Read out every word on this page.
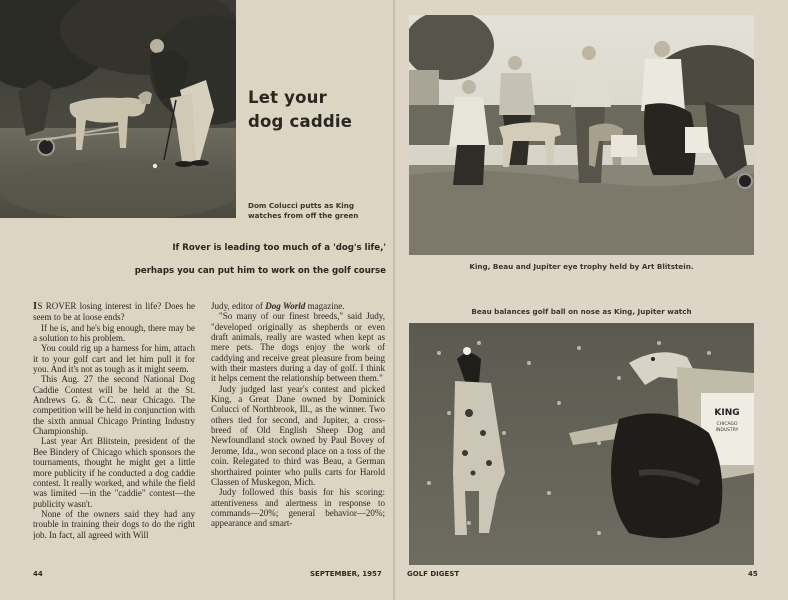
Let your
dog caddie
Dom Colucci putts as King watches from off the green
If Rover is leading too much of a 'dog's life,'
perhaps you can put him to work on the golf course

IS ROVER losing interest in life? Does he seem to be at loose ends?

If he is, and he's big enough, there may be a solution to his problem.

You could rig up a harness for him, attach it to your golf cart and let him pull it for you. And it's not as tough as it might seem.

This Aug. 27 the second National Dog Caddie Contest will be held at the St. Andrews G. & C.C. near Chicago. The competition will be held in conjunction with the sixth annual Chicago Printing Industry Championship.

Last year Art Blitstein, president of the Bee Bindery of Chicago which sponsors the tournaments, thought he might get a little more publicity if he conducted a dog caddie contest. It really worked, and while the field was limited —in the "caddie" contest—the publicity wasn't.

None of the owners said they had any trouble in training their dogs to do the right job. In fact, all agreed with Will

Judy, editor of Dog World magazine.

"So many of our finest breeds," said Judy, "developed originally as shepherds or even draft animals, really are wasted when kept as mere pets. The dogs enjoy the work of caddying and receive great pleasure from being with their masters during a day of golf. I think it helps cement the relationship between them."

Judy judged last year's contest and picked King, a Great Dane owned by Dominick Colucci of Northbrook, Ill., as the winner. Two others tied for second, and Jupiter, a cross-breed of Old English Sheep Dog and Newfoundland stock owned by Paul Bovey of Jerome, Ida., won second place on a toss of the coin. Relegated to third was Beau, a German shorthaired pointer who pulls carts for Harold Classen of Muskegon, Mich.

Judy followed this basis for his scoring: attentiveness and alertness in response to commands—20%; general behavior—20%; appearance and smart-

44	SEPTEMBER, 1957
King, Beau and Jupiter eye trophy held by Art Blitstein.
Beau balances golf ball on nose as King, Jupiter watch
KING
CHICAGO
INDUSTRY
GOLF DIGEST	45
